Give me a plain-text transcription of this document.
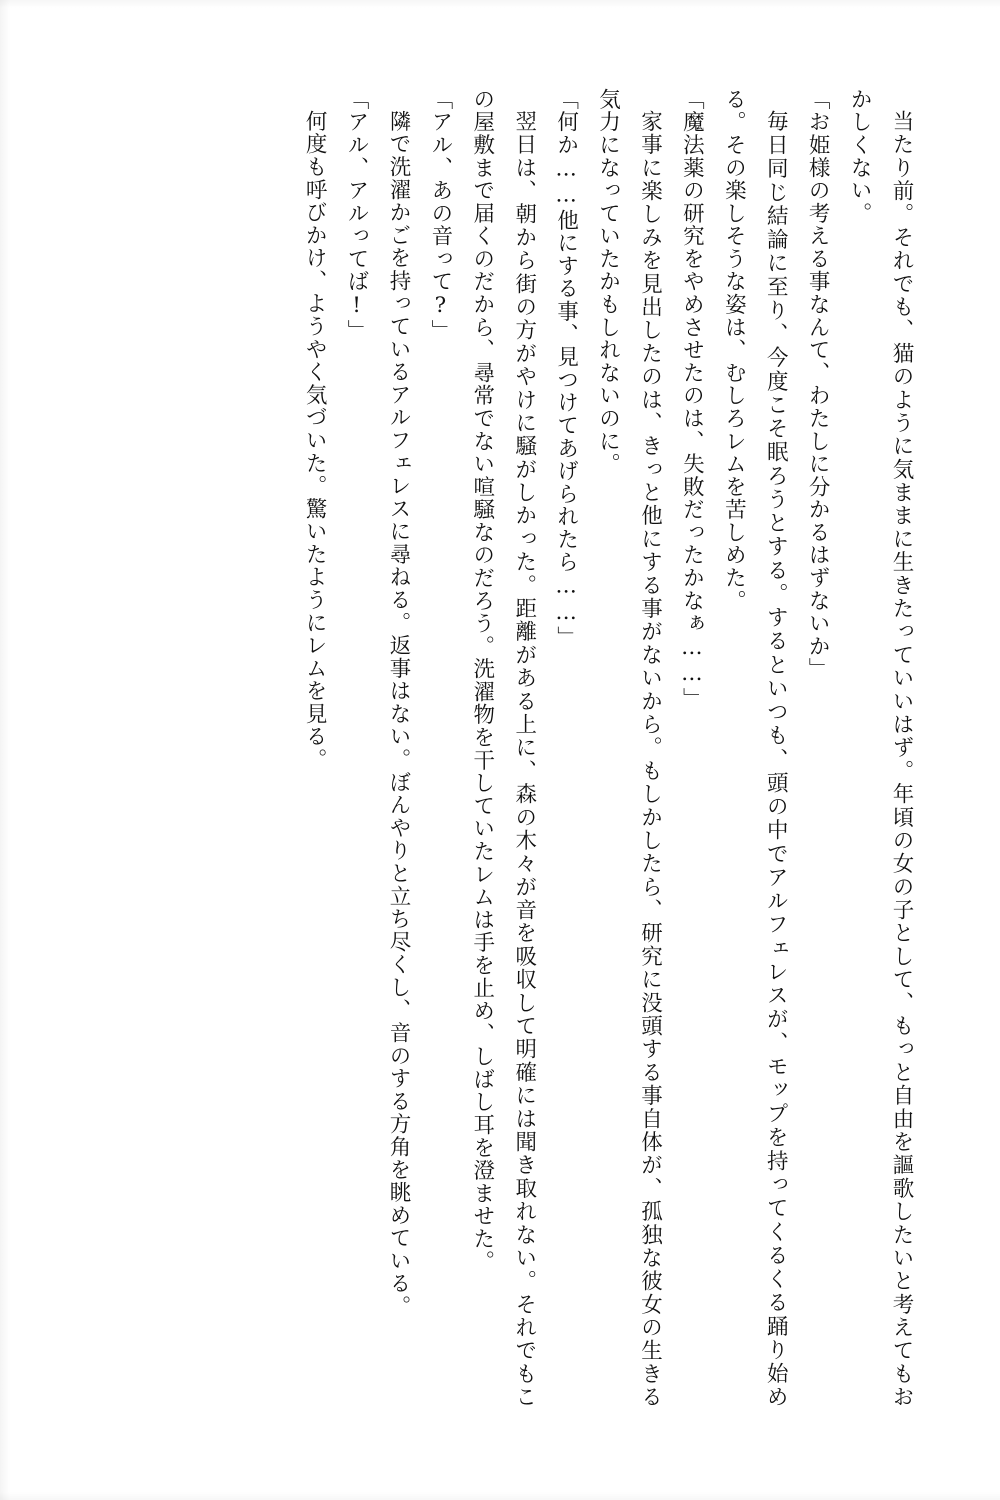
当たり前。それでも、猫のように気ままに生きたっていいはず。年頃の女の子として、もっと自由を謳歌したいと考えてもおかしくない。

「お姫様の考える事なんて、わたしに分かるはずないか」

毎日同じ結論に至り、今度こそ眠ろうとする。するといつも、頭の中でアルフェレスが、モップを持ってくるくる踊り始める。その楽しそうな姿は、むしろレムを苦しめた。

「魔法薬の研究をやめさせたのは、失敗だったかなぁ……」

家事に楽しみを見出したのは、きっと他にする事がないから。もしかしたら、研究に没頭する事自体が、孤独な彼女の生きる気力になっていたかもしれないのに。

「何か……他にする事、見つけてあげられたら……」

翌日は、朝から街の方がやけに騒がしかった。距離がある上に、森の木々が音を吸収して明確には聞き取れない。それでもこの屋敷まで届くのだから、尋常でない喧騒なのだろう。洗濯物を干していたレムは手を止め、しばし耳を澄ませた。

「アル、あの音って?」

隣で洗濯かごを持っているアルフェレスに尋ねる。返事はない。ぼんやりと立ち尽くし、音のする方角を眺めている。

「アル、アルってば!」

何度も呼びかけ、ようやく気づいた。驚いたようにレムを見る。
